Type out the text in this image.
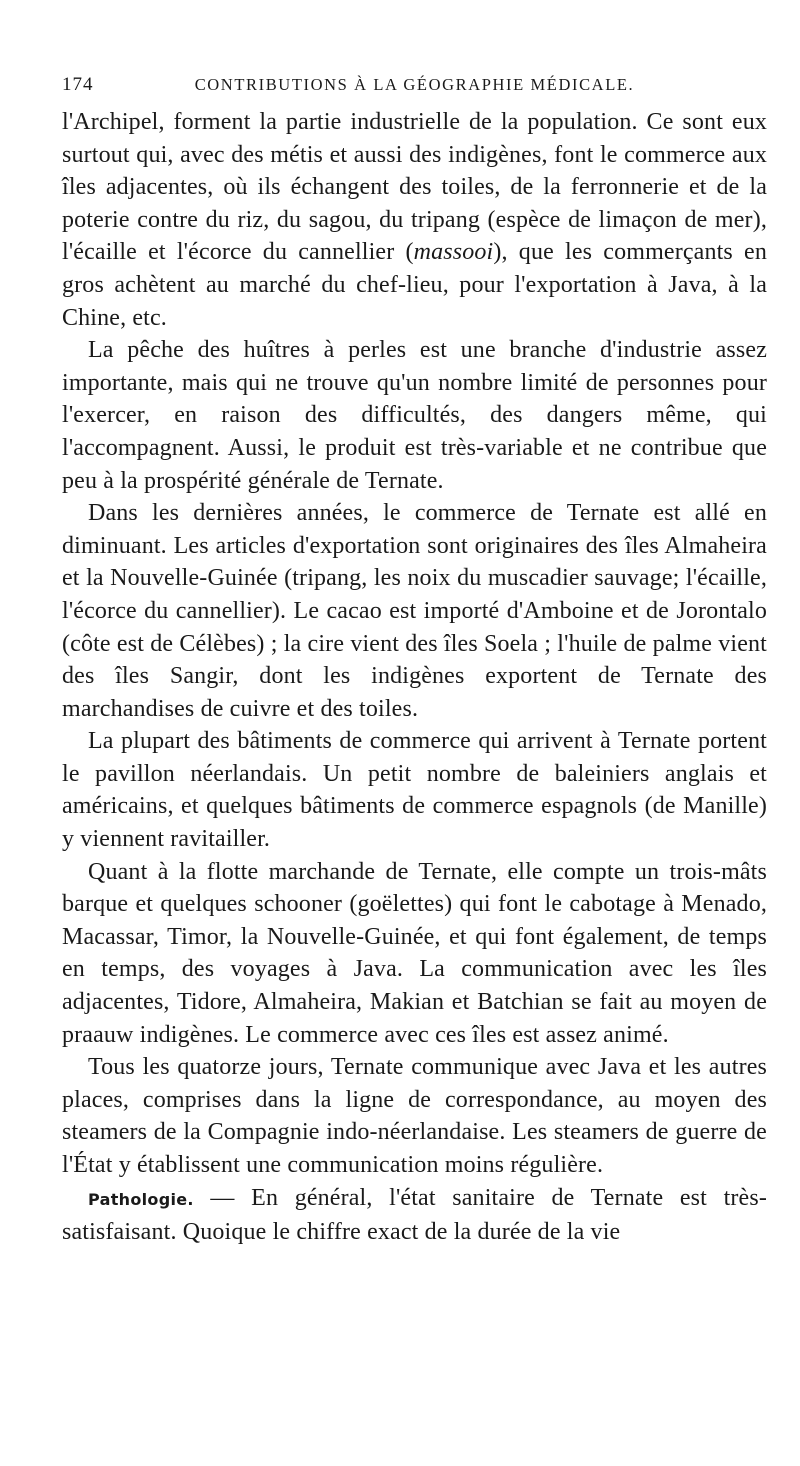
174	CONTRIBUTIONS À LA GÉOGRAPHIE MÉDICALE.

l'Archipel, forment la partie industrielle de la population. Ce sont eux surtout qui, avec des métis et aussi des indigènes, font le commerce aux îles adjacentes, où ils échangent des toiles, de la ferronnerie et de la poterie contre du riz, du sagou, du tripang (espèce de limaçon de mer), l'écaille et l'écorce du cannellier (massooi), que les commerçants en gros achètent au marché du chef-lieu, pour l'exportation à Java, à la Chine, etc.

La pêche des huîtres à perles est une branche d'industrie assez importante, mais qui ne trouve qu'un nombre limité de personnes pour l'exercer, en raison des difficultés, des dangers même, qui l'accompagnent. Aussi, le produit est très-variable et ne contribue que peu à la prospérité générale de Ternate.

Dans les dernières années, le commerce de Ternate est allé en diminuant. Les articles d'exportation sont originaires des îles Almaheira et la Nouvelle-Guinée (tripang, les noix du muscadier sauvage; l'écaille, l'écorce du cannellier). Le cacao est importé d'Amboine et de Jorontalo (côte est de Célèbes) ; la cire vient des îles Soela ; l'huile de palme vient des îles Sangir, dont les indigènes exportent de Ternate des marchandises de cuivre et des toiles.

La plupart des bâtiments de commerce qui arrivent à Ternate portent le pavillon néerlandais. Un petit nombre de baleiniers anglais et américains, et quelques bâtiments de commerce espagnols (de Manille) y viennent ravitailler.

Quant à la flotte marchande de Ternate, elle compte un trois-mâts barque et quelques schooner (goëlettes) qui font le cabotage à Menado, Macassar, Timor, la Nouvelle-Guinée, et qui font également, de temps en temps, des voyages à Java. La communication avec les îles adjacentes, Tidore, Almaheira, Makian et Batchian se fait au moyen de praauw indigènes. Le commerce avec ces îles est assez animé.

Tous les quatorze jours, Ternate communique avec Java et les autres places, comprises dans la ligne de correspondance, au moyen des steamers de la Compagnie indo-néerlandaise. Les steamers de guerre de l'État y établissent une communication moins régulière.

Pathologie. — En général, l'état sanitaire de Ternate est très-satisfaisant. Quoique le chiffre exact de la durée de la vie
